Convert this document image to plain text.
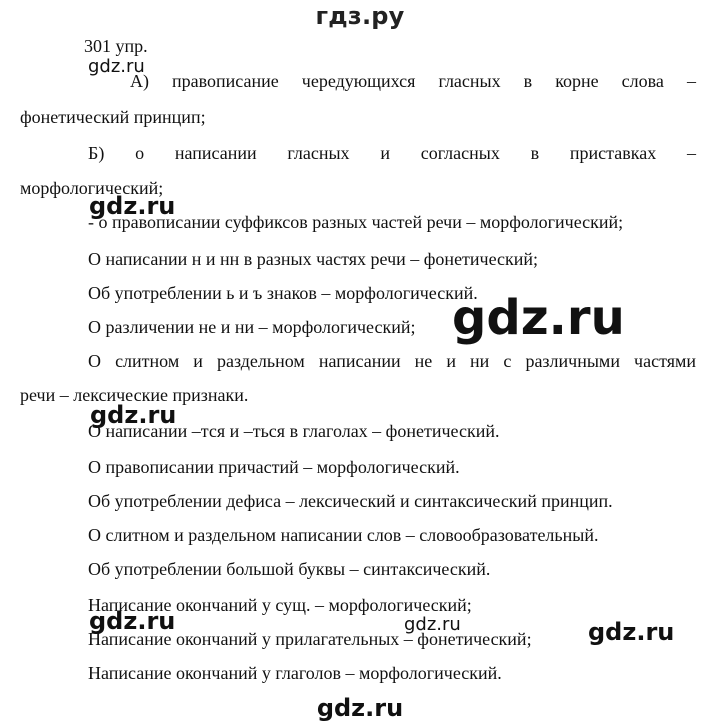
гдз.ру
301 упр.
А) правописание чередующихся гласных в корне слова –
фонетический принцип;
Б) о написании гласных и согласных в приставках –
морфологический;
- о правописании суффиксов разных частей речи – морфологический;
О написании н и нн в разных частях речи – фонетический;
Об употреблении ь и ъ знаков – морфологический.
О различении не и ни – морфологический;
О слитном и раздельном написании не и ни с различными частями
речи – лексические признаки.
О написании –тся и –ться в глаголах – фонетический.
О правописании причастий – морфологический.
Об употреблении дефиса – лексический и синтаксический принцип.
О слитном и раздельном написании слов – словообразовательный.
Об употреблении большой буквы – синтаксический.
Написание окончаний у сущ. – морфологический;
Написание окончаний у прилагательных – фонетический;
Написание окончаний у глаголов – морфологический.
gdz.ru
gdz.ru
gdz.ru
gdz.ru
gdz.ru	gdz.ru	gdz.ru
gdz.ru
